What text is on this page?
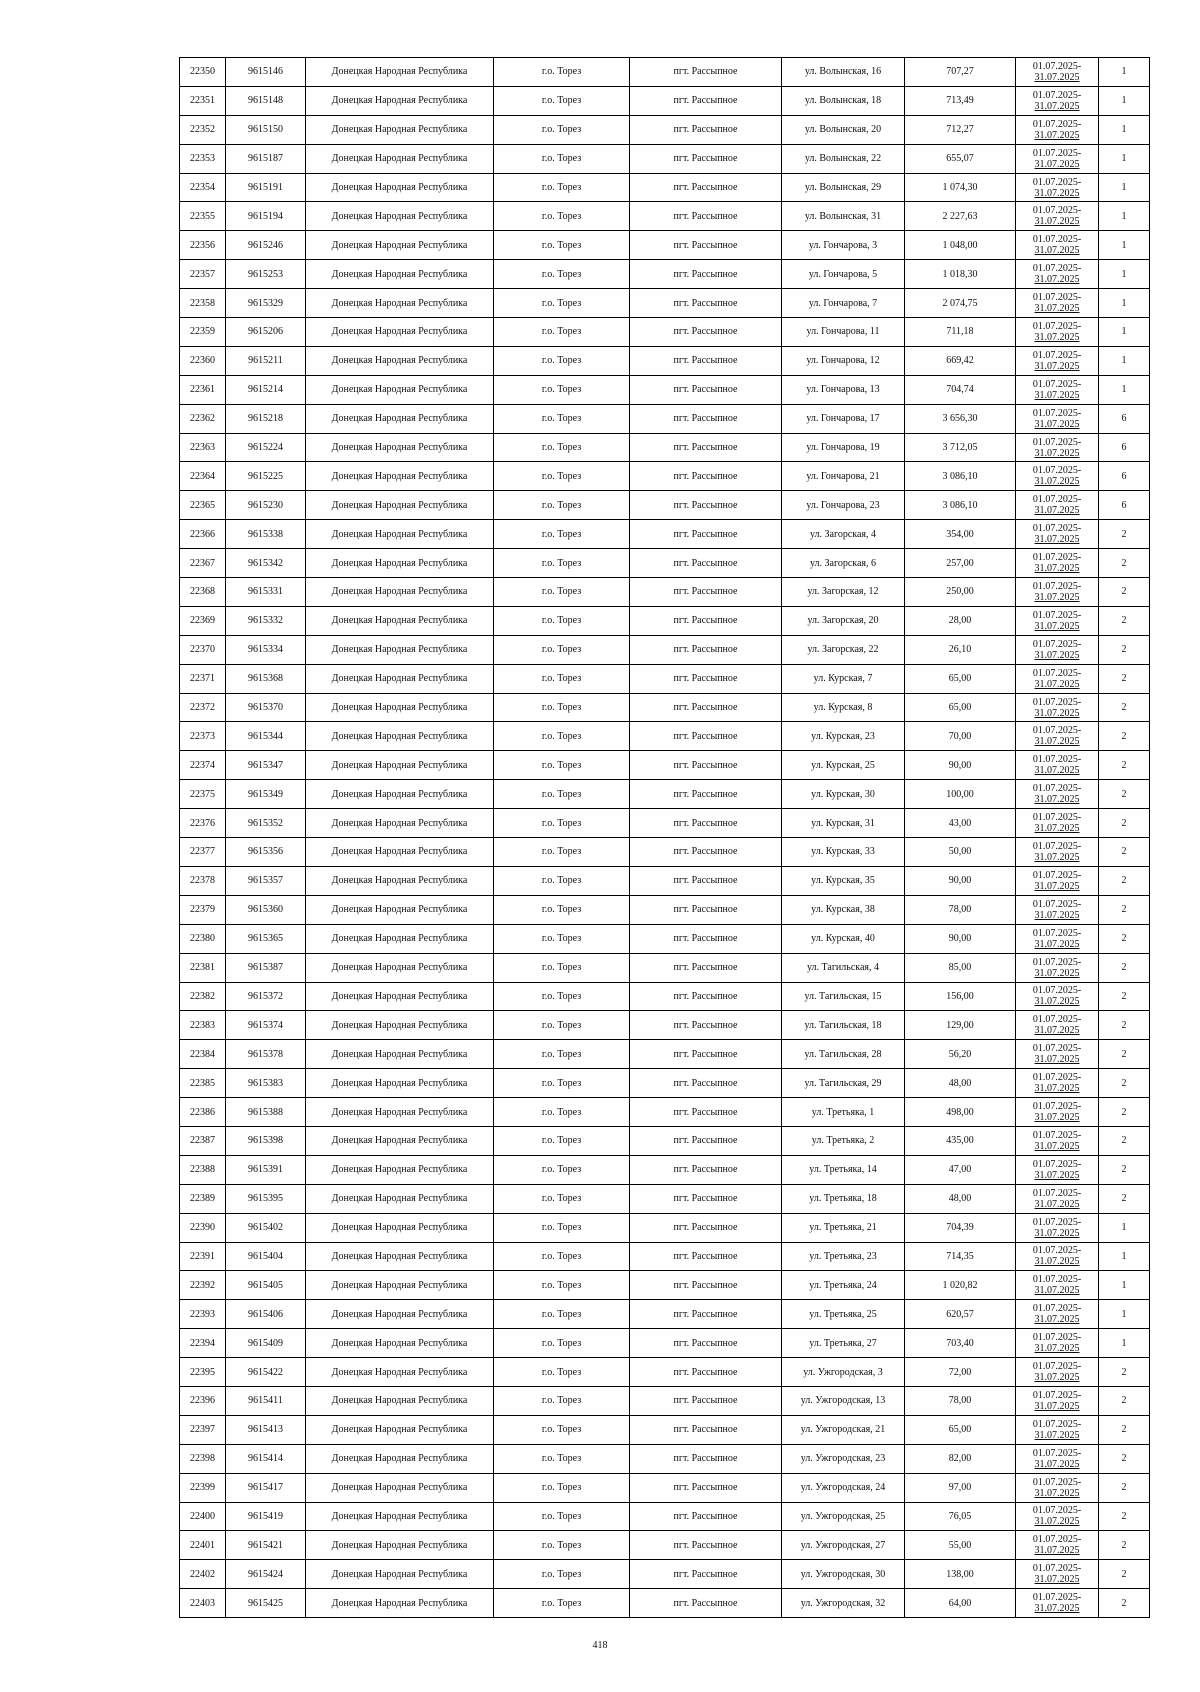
22350	9615146	Донецкая Народная Республика	г.о. Торез	пгт. Рассыпное	ул. Волынская, 16	707,27	01.07.2025-
31.07.2025	1
22351	9615148	Донецкая Народная Республика	г.о. Торез	пгт. Рассыпное	ул. Волынская, 18	713,49	01.07.2025-
31.07.2025	1
22352	9615150	Донецкая Народная Республика	г.о. Торез	пгт. Рассыпное	ул. Волынская, 20	712,27	01.07.2025-
31.07.2025	1
22353	9615187	Донецкая Народная Республика	г.о. Торез	пгт. Рассыпное	ул. Волынская, 22	655,07	01.07.2025-
31.07.2025	1
22354	9615191	Донецкая Народная Республика	г.о. Торез	пгт. Рассыпное	ул. Волынская, 29	1 074,30	01.07.2025-
31.07.2025	1
22355	9615194	Донецкая Народная Республика	г.о. Торез	пгт. Рассыпное	ул. Волынская, 31	2 227,63	01.07.2025-
31.07.2025	1
22356	9615246	Донецкая Народная Республика	г.о. Торез	пгт. Рассыпное	ул. Гончарова, 3	1 048,00	01.07.2025-
31.07.2025	1
22357	9615253	Донецкая Народная Республика	г.о. Торез	пгт. Рассыпное	ул. Гончарова, 5	1 018,30	01.07.2025-
31.07.2025	1
22358	9615329	Донецкая Народная Республика	г.о. Торез	пгт. Рассыпное	ул. Гончарова, 7	2 074,75	01.07.2025-
31.07.2025	1
22359	9615206	Донецкая Народная Республика	г.о. Торез	пгт. Рассыпное	ул. Гончарова, 11	711,18	01.07.2025-
31.07.2025	1
22360	9615211	Донецкая Народная Республика	г.о. Торез	пгт. Рассыпное	ул. Гончарова, 12	669,42	01.07.2025-
31.07.2025	1
22361	9615214	Донецкая Народная Республика	г.о. Торез	пгт. Рассыпное	ул. Гончарова, 13	704,74	01.07.2025-
31.07.2025	1
22362	9615218	Донецкая Народная Республика	г.о. Торез	пгт. Рассыпное	ул. Гончарова, 17	3 656,30	01.07.2025-
31.07.2025	6
22363	9615224	Донецкая Народная Республика	г.о. Торез	пгт. Рассыпное	ул. Гончарова, 19	3 712,05	01.07.2025-
31.07.2025	6
22364	9615225	Донецкая Народная Республика	г.о. Торез	пгт. Рассыпное	ул. Гончарова, 21	3 086,10	01.07.2025-
31.07.2025	6
22365	9615230	Донецкая Народная Республика	г.о. Торез	пгт. Рассыпное	ул. Гончарова, 23	3 086,10	01.07.2025-
31.07.2025	6
22366	9615338	Донецкая Народная Республика	г.о. Торез	пгт. Рассыпное	ул. Загорская, 4	354,00	01.07.2025-
31.07.2025	2
22367	9615342	Донецкая Народная Республика	г.о. Торез	пгт. Рассыпное	ул. Загорская, 6	257,00	01.07.2025-
31.07.2025	2
22368	9615331	Донецкая Народная Республика	г.о. Торез	пгт. Рассыпное	ул. Загорская, 12	250,00	01.07.2025-
31.07.2025	2
22369	9615332	Донецкая Народная Республика	г.о. Торез	пгт. Рассыпное	ул. Загорская, 20	28,00	01.07.2025-
31.07.2025	2
22370	9615334	Донецкая Народная Республика	г.о. Торез	пгт. Рассыпное	ул. Загорская, 22	26,10	01.07.2025-
31.07.2025	2
22371	9615368	Донецкая Народная Республика	г.о. Торез	пгт. Рассыпное	ул. Курская, 7	65,00	01.07.2025-
31.07.2025	2
22372	9615370	Донецкая Народная Республика	г.о. Торез	пгт. Рассыпное	ул. Курская, 8	65,00	01.07.2025-
31.07.2025	2
22373	9615344	Донецкая Народная Республика	г.о. Торез	пгт. Рассыпное	ул. Курская, 23	70,00	01.07.2025-
31.07.2025	2
22374	9615347	Донецкая Народная Республика	г.о. Торез	пгт. Рассыпное	ул. Курская, 25	90,00	01.07.2025-
31.07.2025	2
22375	9615349	Донецкая Народная Республика	г.о. Торез	пгт. Рассыпное	ул. Курская, 30	100,00	01.07.2025-
31.07.2025	2
22376	9615352	Донецкая Народная Республика	г.о. Торез	пгт. Рассыпное	ул. Курская, 31	43,00	01.07.2025-
31.07.2025	2
22377	9615356	Донецкая Народная Республика	г.о. Торез	пгт. Рассыпное	ул. Курская, 33	50,00	01.07.2025-
31.07.2025	2
22378	9615357	Донецкая Народная Республика	г.о. Торез	пгт. Рассыпное	ул. Курская, 35	90,00	01.07.2025-
31.07.2025	2
22379	9615360	Донецкая Народная Республика	г.о. Торез	пгт. Рассыпное	ул. Курская, 38	78,00	01.07.2025-
31.07.2025	2
22380	9615365	Донецкая Народная Республика	г.о. Торез	пгт. Рассыпное	ул. Курская, 40	90,00	01.07.2025-
31.07.2025	2
22381	9615387	Донецкая Народная Республика	г.о. Торез	пгт. Рассыпное	ул. Тагильская, 4	85,00	01.07.2025-
31.07.2025	2
22382	9615372	Донецкая Народная Республика	г.о. Торез	пгт. Рассыпное	ул. Тагильская, 15	156,00	01.07.2025-
31.07.2025	2
22383	9615374	Донецкая Народная Республика	г.о. Торез	пгт. Рассыпное	ул. Тагильская, 18	129,00	01.07.2025-
31.07.2025	2
22384	9615378	Донецкая Народная Республика	г.о. Торез	пгт. Рассыпное	ул. Тагильская, 28	56,20	01.07.2025-
31.07.2025	2
22385	9615383	Донецкая Народная Республика	г.о. Торез	пгт. Рассыпное	ул. Тагильская, 29	48,00	01.07.2025-
31.07.2025	2
22386	9615388	Донецкая Народная Республика	г.о. Торез	пгт. Рассыпное	ул. Третьяка, 1	498,00	01.07.2025-
31.07.2025	2
22387	9615398	Донецкая Народная Республика	г.о. Торез	пгт. Рассыпное	ул. Третьяка, 2	435,00	01.07.2025-
31.07.2025	2
22388	9615391	Донецкая Народная Республика	г.о. Торез	пгт. Рассыпное	ул. Третьяка, 14	47,00	01.07.2025-
31.07.2025	2
22389	9615395	Донецкая Народная Республика	г.о. Торез	пгт. Рассыпное	ул. Третьяка, 18	48,00	01.07.2025-
31.07.2025	2
22390	9615402	Донецкая Народная Республика	г.о. Торез	пгт. Рассыпное	ул. Третьяка, 21	704,39	01.07.2025-
31.07.2025	1
22391	9615404	Донецкая Народная Республика	г.о. Торез	пгт. Рассыпное	ул. Третьяка, 23	714,35	01.07.2025-
31.07.2025	1
22392	9615405	Донецкая Народная Республика	г.о. Торез	пгт. Рассыпное	ул. Третьяка, 24	1 020,82	01.07.2025-
31.07.2025	1
22393	9615406	Донецкая Народная Республика	г.о. Торез	пгт. Рассыпное	ул. Третьяка, 25	620,57	01.07.2025-
31.07.2025	1
22394	9615409	Донецкая Народная Республика	г.о. Торез	пгт. Рассыпное	ул. Третьяка, 27	703,40	01.07.2025-
31.07.2025	1
22395	9615422	Донецкая Народная Республика	г.о. Торез	пгт. Рассыпное	ул. Ужгородская, 3	72,00	01.07.2025-
31.07.2025	2
22396	9615411	Донецкая Народная Республика	г.о. Торез	пгт. Рассыпное	ул. Ужгородская, 13	78,00	01.07.2025-
31.07.2025	2
22397	9615413	Донецкая Народная Республика	г.о. Торез	пгт. Рассыпное	ул. Ужгородская, 21	65,00	01.07.2025-
31.07.2025	2
22398	9615414	Донецкая Народная Республика	г.о. Торез	пгт. Рассыпное	ул. Ужгородская, 23	82,00	01.07.2025-
31.07.2025	2
22399	9615417	Донецкая Народная Республика	г.о. Торез	пгт. Рассыпное	ул. Ужгородская, 24	97,00	01.07.2025-
31.07.2025	2
22400	9615419	Донецкая Народная Республика	г.о. Торез	пгт. Рассыпное	ул. Ужгородская, 25	76,05	01.07.2025-
31.07.2025	2
22401	9615421	Донецкая Народная Республика	г.о. Торез	пгт. Рассыпное	ул. Ужгородская, 27	55,00	01.07.2025-
31.07.2025	2
22402	9615424	Донецкая Народная Республика	г.о. Торез	пгт. Рассыпное	ул. Ужгородская, 30	138,00	01.07.2025-
31.07.2025	2
22403	9615425	Донецкая Народная Республика	г.о. Торез	пгт. Рассыпное	ул. Ужгородская, 32	64,00	01.07.2025-
31.07.2025	2
418
